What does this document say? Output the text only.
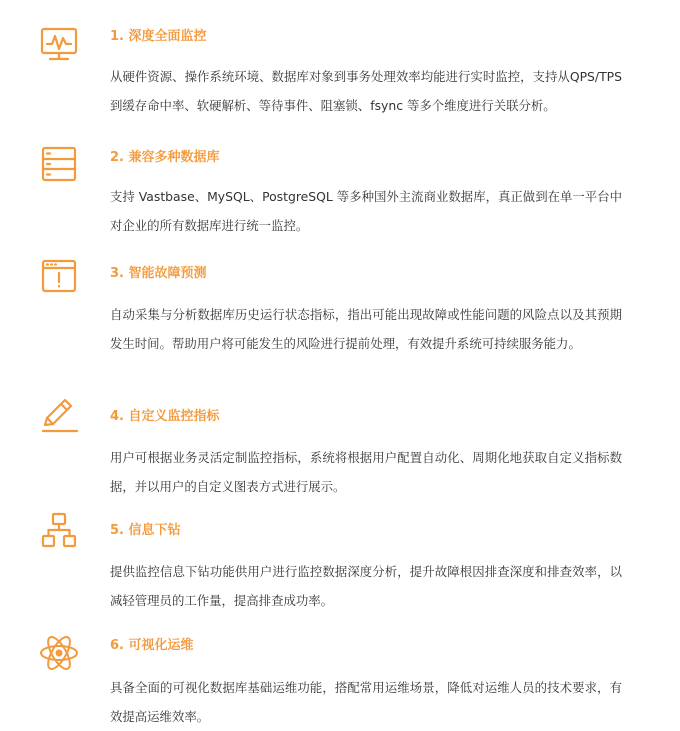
1. 深度全面监控

从硬件资源、操作系统环境、数据库对象到事务处理效率均能进行实时监控，支持从QPS/TPS 到缓存命中率、软硬解析、等待事件、阻塞锁、fsync 等多个维度进行关联分析。

2. 兼容多种数据库

支持 Vastbase、MySQL、PostgreSQL 等多种国外主流商业数据库，真正做到在单一平台中对企业的所有数据库进行统一监控。

3. 智能故障预测

自动采集与分析数据库历史运行状态指标，指出可能出现故障或性能问题的风险点以及其预期发生时间。帮助用户将可能发生的风险进行提前处理，有效提升系统可持续服务能力。

4. 自定义监控指标

用户可根据业务灵活定制监控指标，系统将根据用户配置自动化、周期化地获取自定义指标数据，并以用户的自定义图表方式进行展示。

5. 信息下钻

提供监控信息下钻功能供用户进行监控数据深度分析，提升故障根因排查深度和排查效率，以减轻管理员的工作量，提高排查成功率。

6. 可视化运维

具备全面的可视化数据库基础运维功能，搭配常用运维场景，降低对运维人员的技术要求，有效提高运维效率。
